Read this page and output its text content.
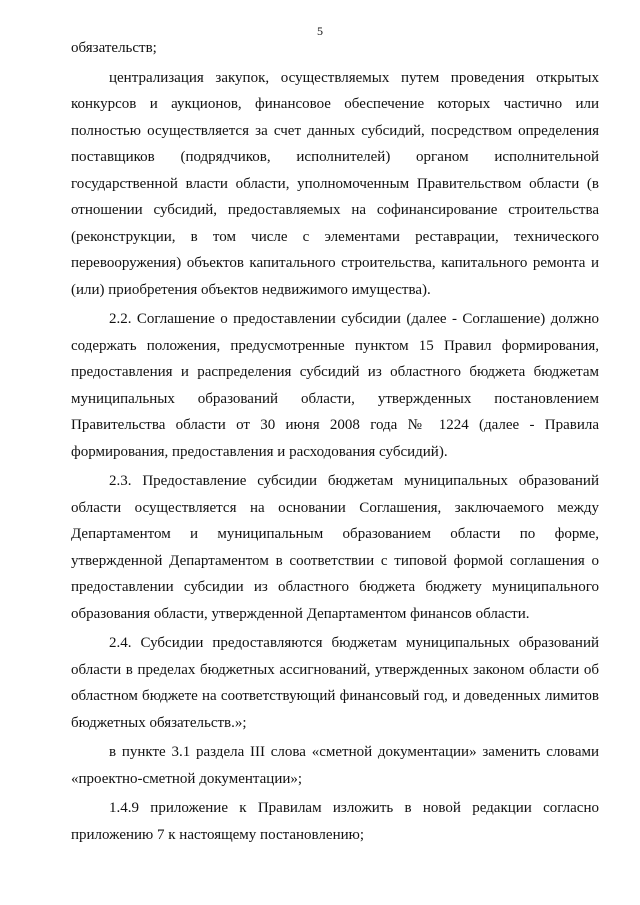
5

обязательств;

централизация закупок, осуществляемых путем проведения открытых конкурсов и аукционов, финансовое обеспечение которых частично или полностью осуществляется за счет данных субсидий, посредством определения поставщиков (подрядчиков, исполнителей) органом исполнительной государственной власти области, уполномоченным Правительством области (в отношении субсидий, предоставляемых на софинансирование строительства (реконструкции, в том числе с элементами реставрации, технического перевооружения) объектов капитального строительства, капитального ремонта и (или) приобретения объектов недвижимого имущества).

2.2. Соглашение о предоставлении субсидии (далее - Соглашение) должно содержать положения, предусмотренные пунктом 15 Правил формирования, предоставления и распределения субсидий из областного бюджета бюджетам муниципальных образований области, утвержденных постановлением Правительства области от 30 июня 2008 года № 1224 (далее - Правила формирования, предоставления и расходования субсидий).

2.3. Предоставление субсидии бюджетам муниципальных образований области осуществляется на основании Соглашения, заключаемого между Департаментом и муниципальным образованием области по форме, утвержденной Департаментом в соответствии с типовой формой соглашения о предоставлении субсидии из областного бюджета бюджету муниципального образования области, утвержденной Департаментом финансов области.

2.4. Субсидии предоставляются бюджетам муниципальных образований области в пределах бюджетных ассигнований, утвержденных законом области об областном бюджете на соответствующий финансовый год, и доведенных лимитов бюджетных обязательств.»;

в пункте 3.1 раздела III слова «сметной документации» заменить словами «проектно-сметной документации»;

1.4.9 приложение к Правилам изложить в новой редакции согласно приложению 7 к настоящему постановлению;
